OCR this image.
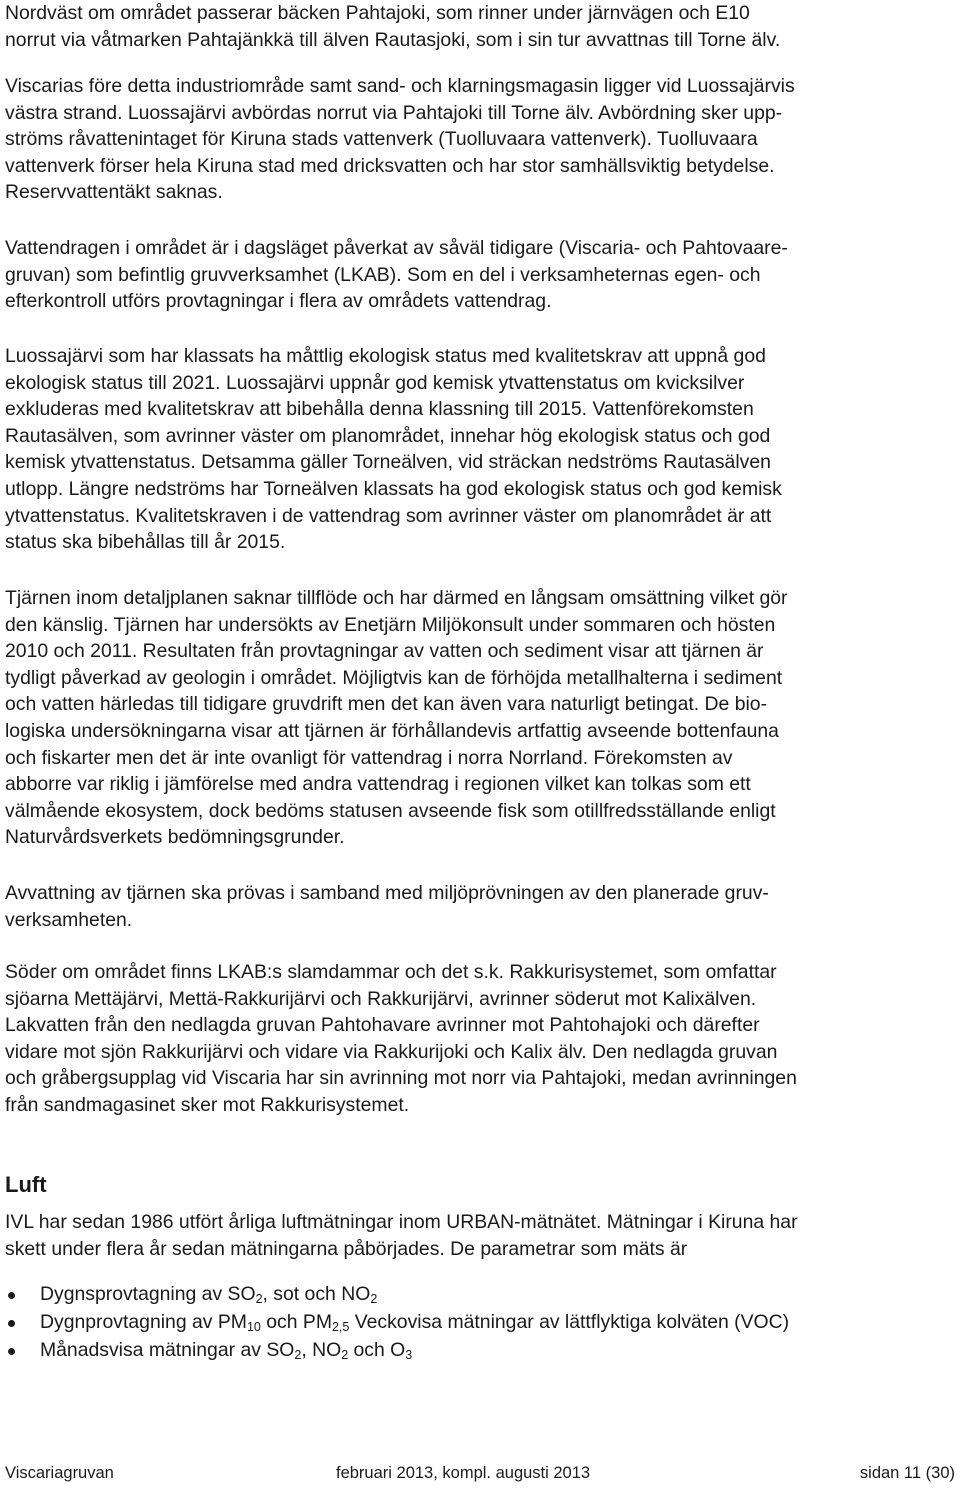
Nordväst om området passerar bäcken Pahtajoki, som rinner under järnvägen och E10
norrut via våtmarken Pahtajänkkä till älven Rautasjoki, som i sin tur avvattnas till Torne älv.
Viscarias före detta industriområde samt sand- och klarningsmagasin ligger vid Luossajärvis
västra strand. Luossajärvi avbördas norrut via Pahtajoki till Torne älv. Avbördning sker upp-
ströms råvattenintaget för Kiruna stads vattenverk (Tuolluvaara vattenverk). Tuolluvaara
vattenverk förser hela Kiruna stad med dricksvatten och har stor samhällsviktig betydelse.
Reservvattentäkt saknas.
Vattendragen i området är i dagsläget påverkat av såväl tidigare (Viscaria- och Pahtovaare-
gruvan) som befintlig gruvverksamhet (LKAB). Som en del i verksamheternas egen- och
efterkontroll utförs provtagningar i flera av områdets vattendrag.
Luossajärvi som har klassats ha måttlig ekologisk status med kvalitetskrav att uppnå god
ekologisk status till 2021. Luossajärvi uppnår god kemisk ytvattenstatus om kvicksilver
exkluderas med kvalitetskrav att bibehålla denna klassning till 2015. Vattenförekomsten
Rautasälven, som avrinner väster om planområdet, innehar hög ekologisk status och god
kemisk ytvattenstatus. Detsamma gäller Torneälven, vid sträckan nedströms Rautasälven
utlopp. Längre nedströms har Torneälven klassats ha god ekologisk status och god kemisk
ytvattenstatus. Kvalitetskraven i de vattendrag som avrinner väster om planområdet är att
status ska bibehållas till år 2015.
Tjärnen inom detaljplanen saknar tillflöde och har därmed en långsam omsättning vilket gör
den känslig. Tjärnen har undersökts av Enetjärn Miljökonsult under sommaren och hösten
2010 och 2011. Resultaten från provtagningar av vatten och sediment visar att tjärnen är
tydligt påverkad av geologin i området. Möjligtvis kan de förhöjda metallhalterna i sediment
och vatten härledas till tidigare gruvdrift men det kan även vara naturligt betingat. De bio-
logiska undersökningarna visar att tjärnen är förhållandevis artfattig avseende bottenfauna
och fiskarter men det är inte ovanligt för vattendrag i norra Norrland. Förekomsten av
abborre var riklig i jämförelse med andra vattendrag i regionen vilket kan tolkas som ett
välmående ekosystem, dock bedöms statusen avseende fisk som otillfredsställande enligt
Naturvårdsverkets bedömningsgrunder.
Avvattning av tjärnen ska prövas i samband med miljöprövningen av den planerade gruv-
verksamheten.
Söder om området finns LKAB:s slamdammar och det s.k. Rakkurisystemet, som omfattar
sjöarna Mettäjärvi, Mettä-Rakkurijärvi och Rakkurijärvi, avrinner söderut mot Kalixälven.
Lakvatten från den nedlagda gruvan Pahtohavare avrinner mot Pahtohajoki och därefter
vidare mot sjön Rakkurijärvi och vidare via Rakkurijoki och Kalix älv. Den nedlagda gruvan
och gråbergsupplag vid Viscaria har sin avrinning mot norr via Pahtajoki, medan avrinningen
från sandmagasinet sker mot Rakkurisystemet.
Luft
IVL har sedan 1986 utfört årliga luftmätningar inom URBAN-mätnätet. Mätningar i Kiruna har
skett under flera år sedan mätningarna påbörjades. De parametrar som mäts är
Dygnsprovtagning av $SO_2$, sot och $NO_2$
Dygnprovtagning av $PM_{10}$ och $PM_{2,5}$ Veckovisa mätningar av lättflyktiga kolväten (VOC)
Månadsvisa mätningar av $SO_2$, $NO_2$ och $O_3$
Viscariagruvan	februari 2013, kompl. augusti 2013	sidan 11 (30)
